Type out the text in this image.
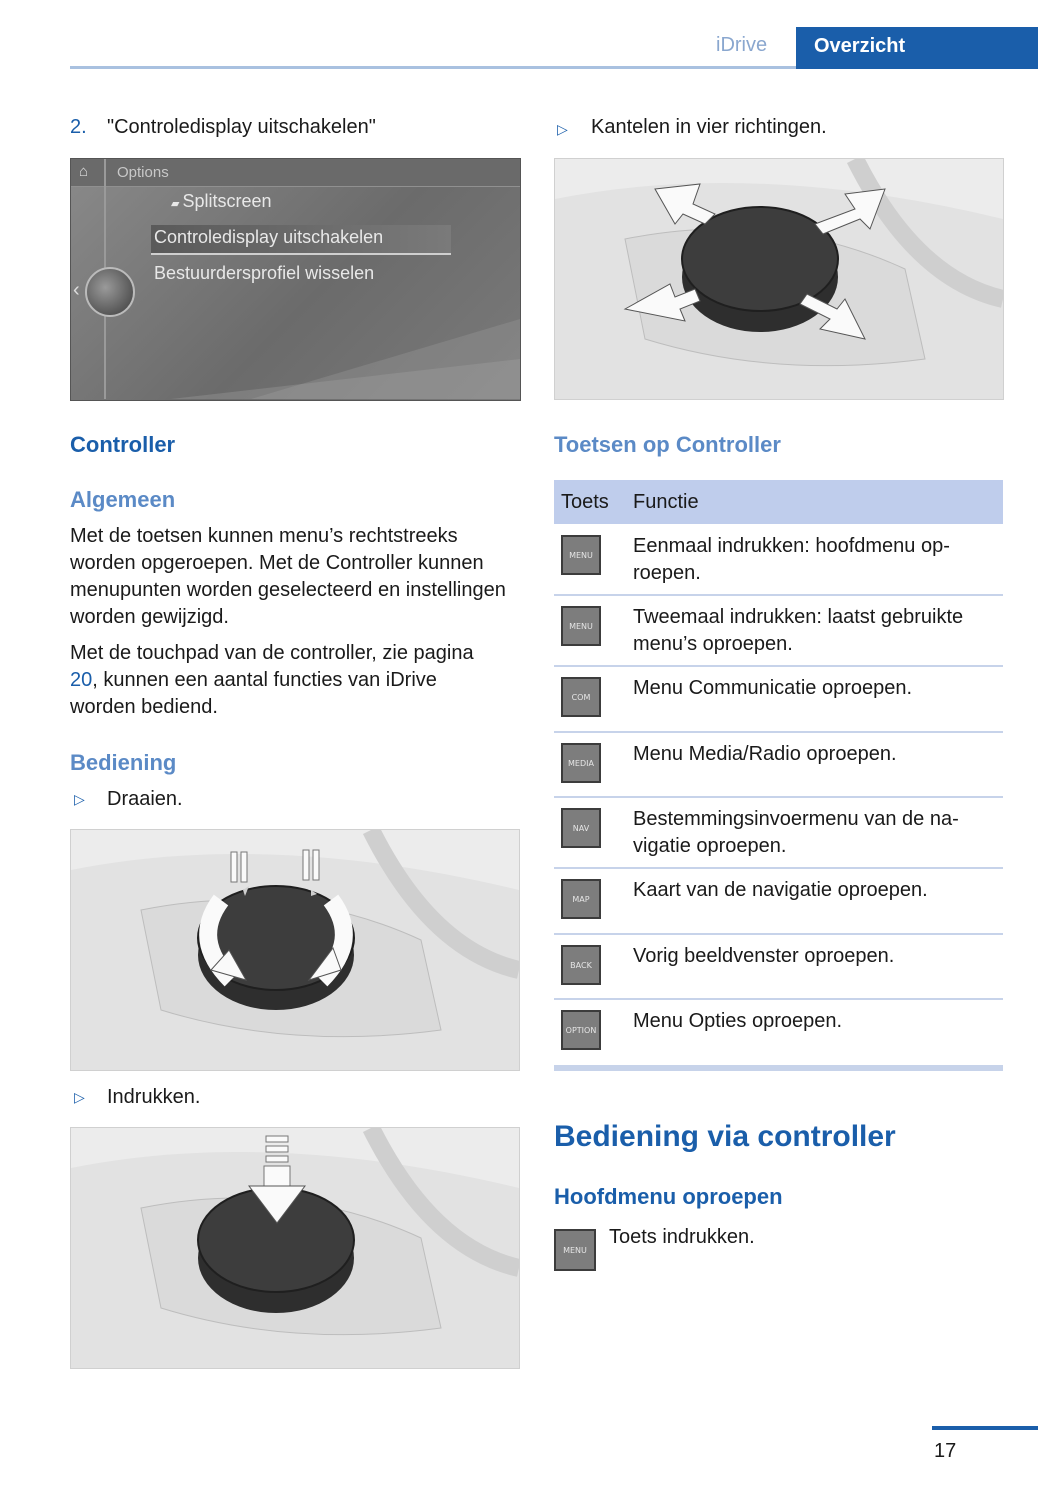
iDrive Overzicht
2. "Controledisplay uitschakelen"
⌂ Options
▰ Splitscreen
Controledisplay uitschakelen
Bestuurdersprofiel wisselen
‹
Controller
Algemeen
Met de toetsen kunnen menu’s rechtstreeks worden opgeroepen. Met de Controller kunnen menupunten worden geselecteerd en instellingen worden gewijzigd.
Met de touchpad van de controller, zie pagina 20, kunnen een aantal functies van iDrive worden bediend.
Bediening
▷ Draaien.
▷ Indrukken.
▷ Kantelen in vier richtingen.
Toetsen op Controller
Toets Functie
MENU	Eenmaal indrukken: hoofdmenu oproepen.
MENU	Tweemaal indrukken: laatst gebruikte menu’s oproepen.
COM	Menu Communicatie oproepen.
MEDIA	Menu Media/Radio oproepen.
NAV	Bestemmingsinvoermenu van de navigatie oproepen.
MAP	Kaart van de navigatie oproepen.
BACK	Vorig beeldvenster oproepen.
OPTION Menu Opties oproepen.
Bediening via controller
Hoofdmenu oproepen
MENU
Toets indrukken.
17
